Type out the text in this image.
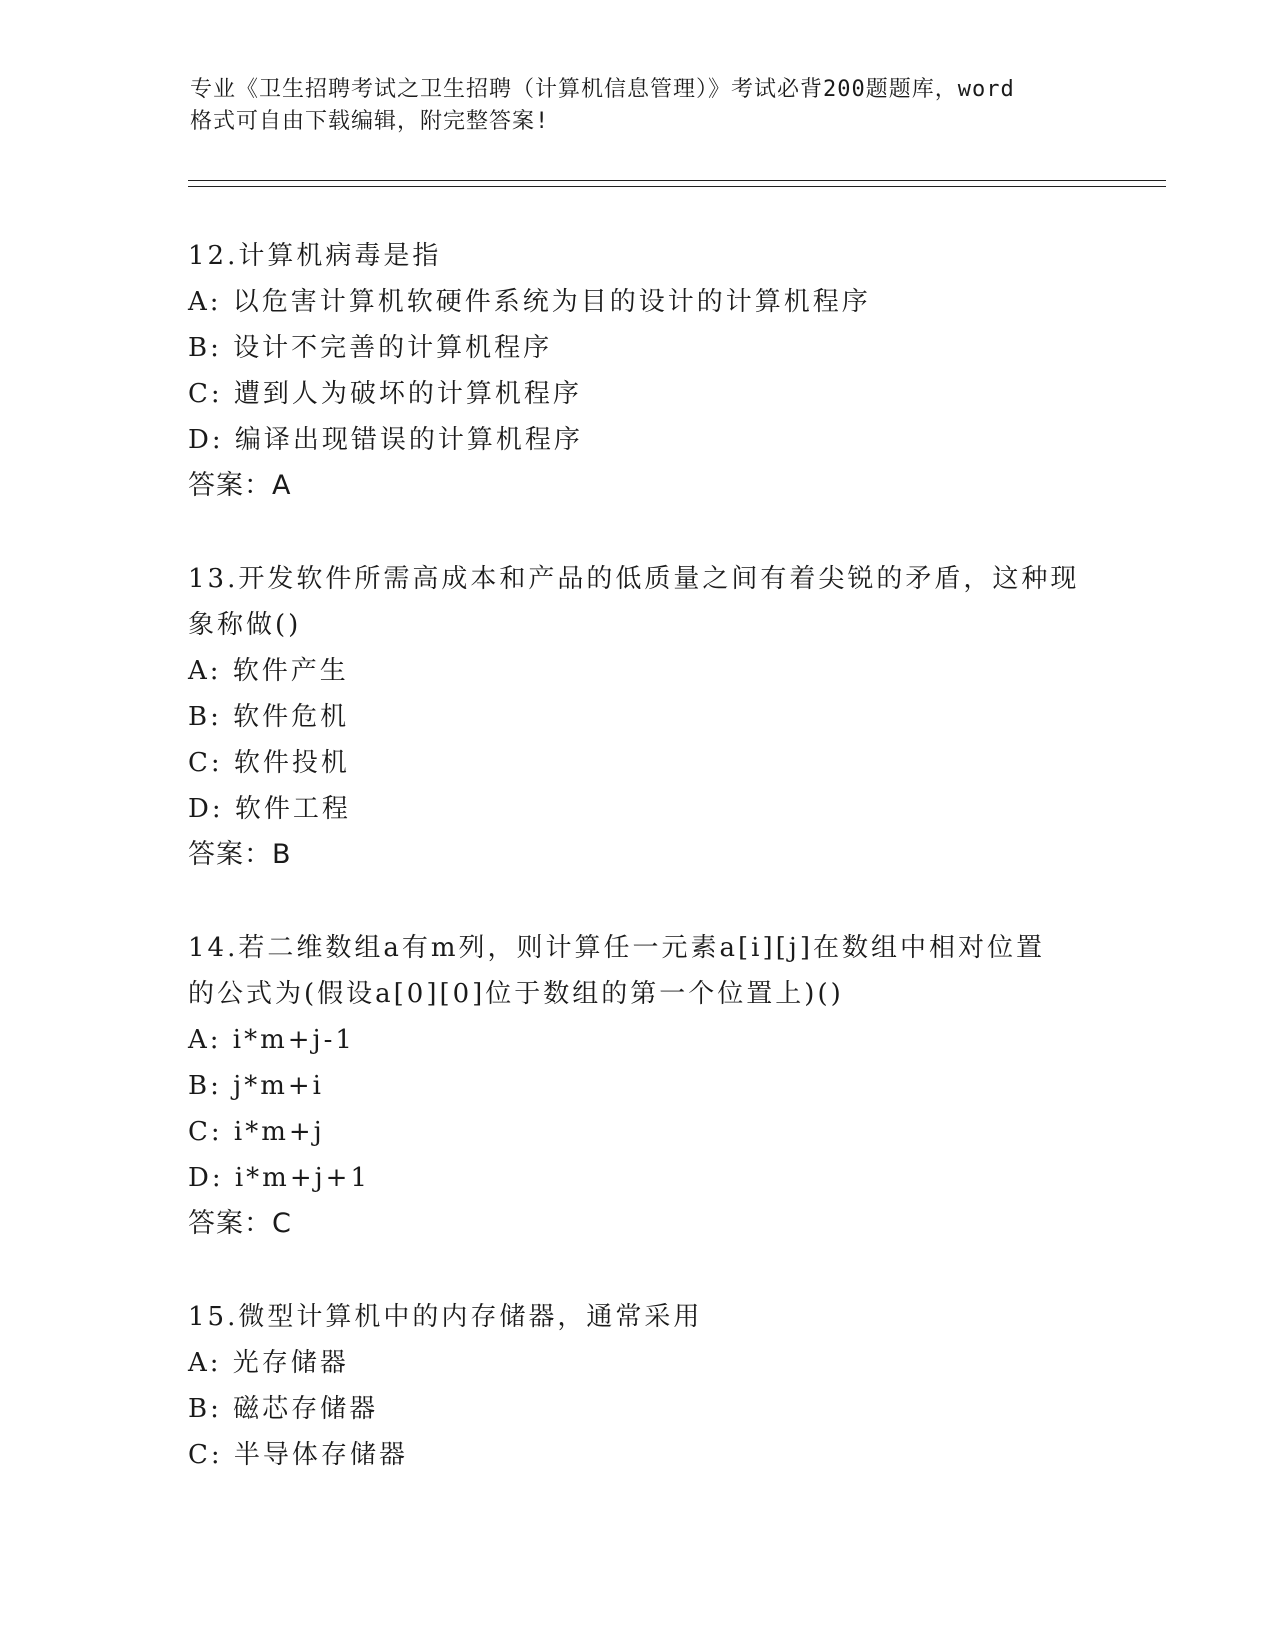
专业《卫生招聘考试之卫生招聘（计算机信息管理）》考试必背200题题库，word
格式可自由下载编辑，附完整答案!
12.计算机病毒是指
A: 以危害计算机软硬件系统为目的设计的计算机程序
B: 设计不完善的计算机程序
C: 遭到人为破坏的计算机程序
D: 编译出现错误的计算机程序
答案：A
13.开发软件所需高成本和产品的低质量之间有着尖锐的矛盾，这种现
象称做()
A: 软件产生
B: 软件危机
C: 软件投机
D: 软件工程
答案：B
14.若二维数组a有m列，则计算任一元素a[i][j]在数组中相对位置
的公式为(假设a[0][0]位于数组的第一个位置上)()
A: i*m+j-1
B: j*m+i
C: i*m+j
D: i*m+j+1
答案：C
15.微型计算机中的内存储器，通常采用
A: 光存储器
B: 磁芯存储器
C: 半导体存储器
